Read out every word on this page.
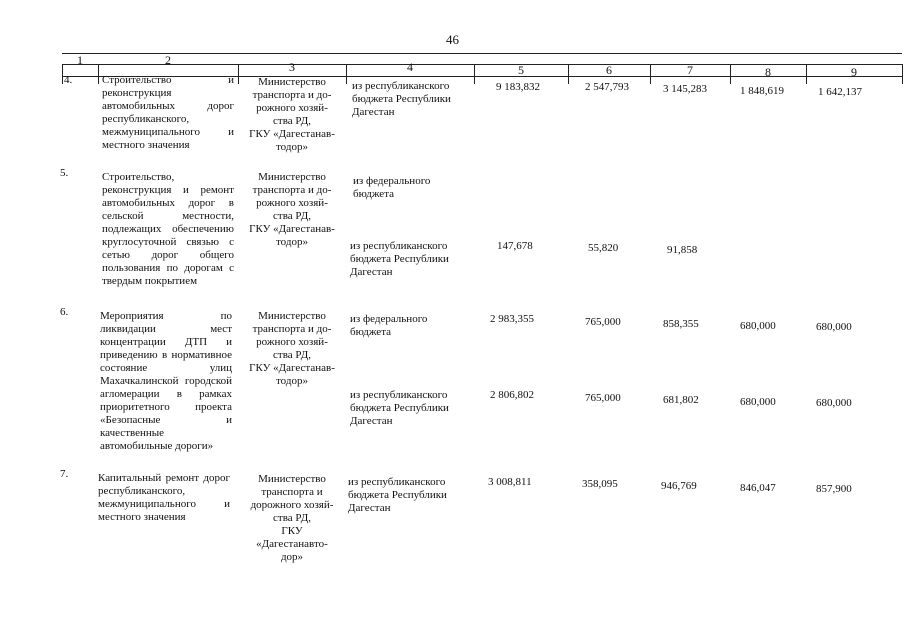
46
1	2	3	4	5	6	7	8	9
4.	Строительство и реконструкция автомобильных дорог республиканского, межмуниципального и местного значения
Министерство
транспорта и до-
рожного хозяй-
ства РД,
ГКУ «Дагестанав-
тодор»
из республиканского
бюджета Республики
Дагестан
9 183,832	2 547,793	3 145,283	1 848,619	1 642,137
5.	Строительство, реконструкция и ремонт автомобильных дорог в сельской местности, подлежащих обеспечению круглосуточной связью с сетью дорог общего пользования по дорогам с твердым покрытием
Министерство
транспорта и до-
рожного хозяй-
ства РД,
ГКУ «Дагестанав-
тодор»
из федерального
бюджета
из республиканского
бюджета Республики
Дагестан
147,678	55,820	91,858
6.	Мероприятия по ликвидации мест концентрации ДТП и приведению в нормативное состояние улиц Махачкалинской городской агломерации в рамках приоритетного проекта «Безопасные и качественные автомобильные дороги»
Министерство
транспорта и до-
рожного хозяй-
ства РД,
ГКУ «Дагестанав-
тодор»
из федерального
бюджета
2 983,355	765,000	858,355	680,000	680,000
из республиканского
бюджета Республики
Дагестан
2 806,802	765,000	681,802	680,000	680,000
7.	Капитальный ремонт дорог республиканского, межмуниципального и местного значения
Министерство
транспорта и
дорожного хозяй-
ства РД,
ГКУ
«Дагестанавто-
дор»
из республиканского
бюджета Республики
Дагестан
3 008,811	358,095	946,769	846,047	857,900
